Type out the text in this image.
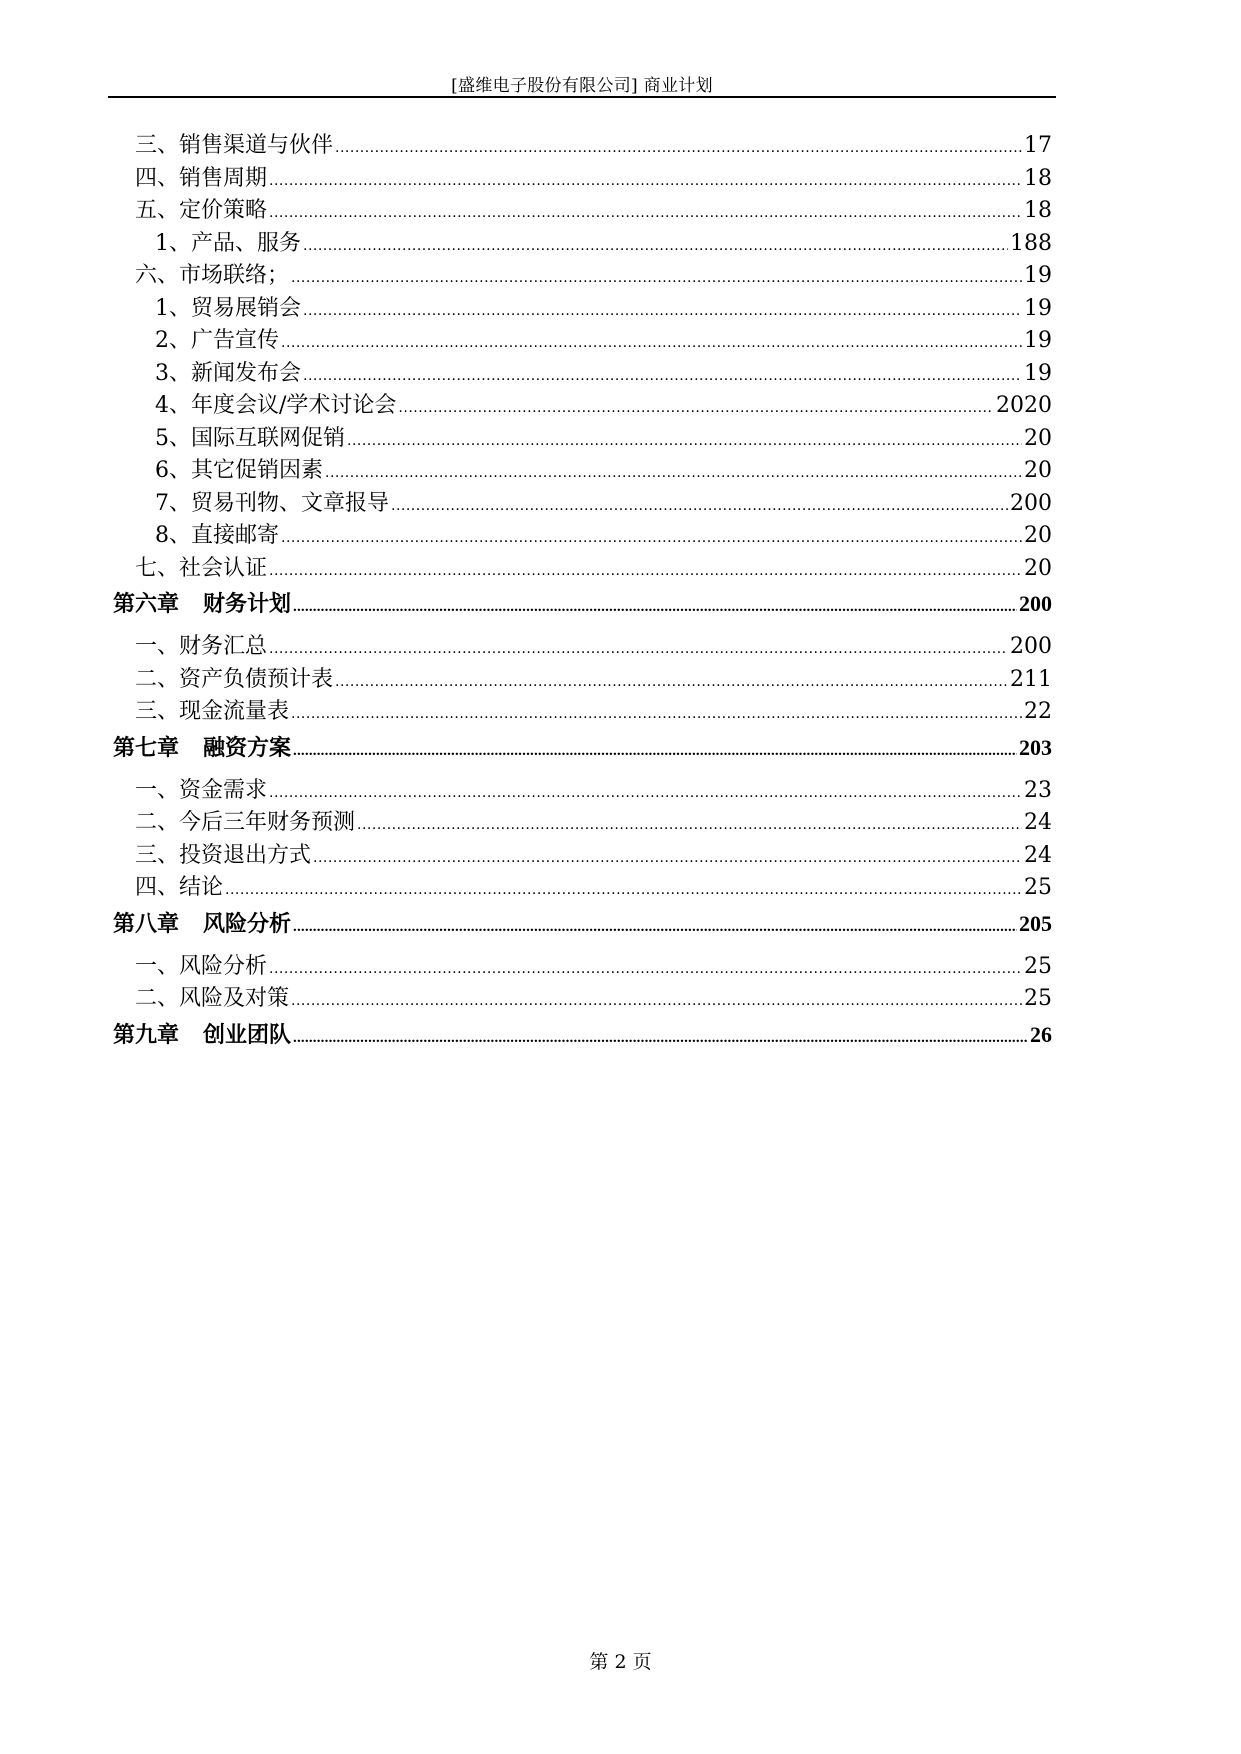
[盛维电子股份有限公司] 商业计划
三、销售渠道与伙伴 .....	17
四、销售周期 .....	18
五、定价策略 .....	18
1、产品、服务 .....	188
六、市场联络； .....	19
1、贸易展销会 .....	19
2、广告宣传 .....	19
3、新闻发布会 .....	19
4、年度会议/学术讨论会 .....	2020
5、国际互联网促销 .....	20
6、其它促销因素 .....	20
7、贸易刊物、文章报导 .....	200
8、直接邮寄 .....	20
七、社会认证 .....	20
第六章 财务计划 .....	200
一、财务汇总 .....	200
二、资产负债预计表 .....	211
三、现金流量表 .....	22
第七章 融资方案 .....	203
一、资金需求 .....	23
二、今后三年财务预测 .....	24
三、投资退出方式 .....	24
四、结论 .....	25
第八章 风险分析 .....	205
一、风险分析 .....	25
二、风险及对策 .....	25
第九章 创业团队 .....	26
第 2 页
